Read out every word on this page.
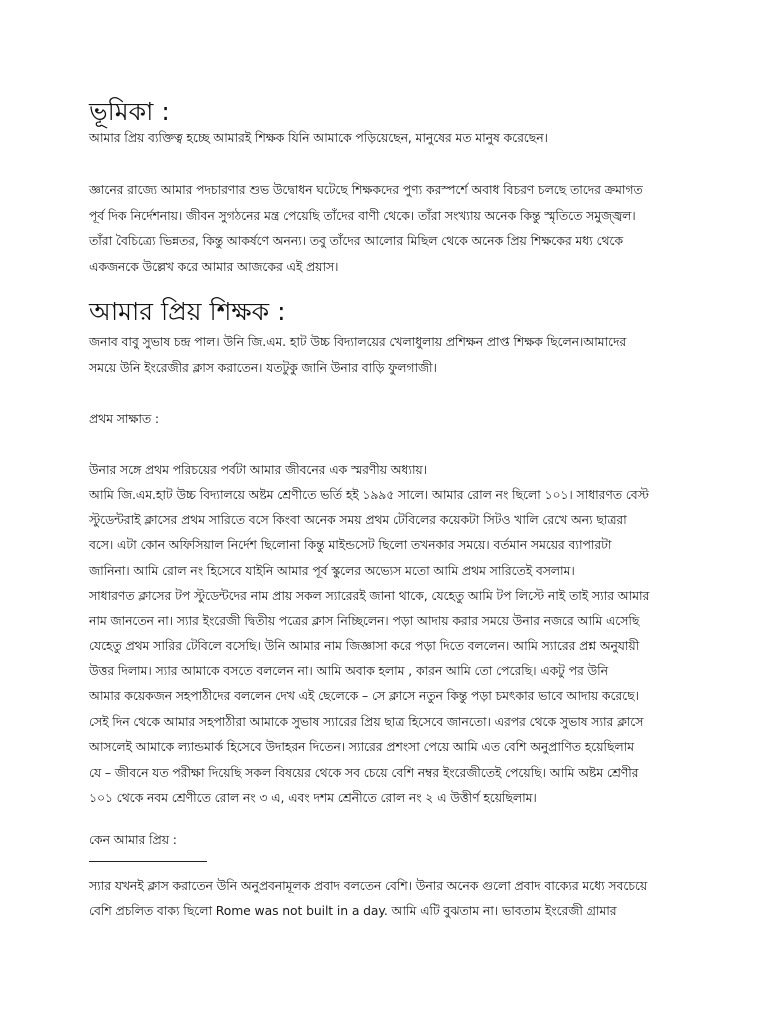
ভূমিকা :
আমার প্রিয় ব্যক্তিত্ব হচ্ছে আমারই শিক্ষক যিনি আমাকে পড়িয়েছেন, মানুষের মত মানুষ করেছেন।
জ্ঞানের রাজ্যে আমার পদচারণার শুভ উদ্বোধন ঘটেছে শিক্ষকদের পুণ্য করস্পর্শে অবাধ বিচরণ চলছে তাদের ক্রমাগত
পূর্ব দিক নির্দেশনায়। জীবন সুগঠনের মন্ত্র পেয়েছি তাঁদের বাণী থেকে। তাঁরা সংখ্যায় অনেক কিন্তু স্মৃতিতে সমুজ্জ্বল।
তাঁরা বৈচিত্র্যে ভিন্নতর, কিন্তু আকর্ষণে অনন্য। তবু তাঁদের আলোর মিছিল থেকে অনেক প্রিয় শিক্ষকের মধ্য থেকে
একজনকে উল্লেখ করে আমার আজকের এই প্রয়াস।
আমার প্রিয় শিক্ষক :
জনাব বাবু সুভাষ চন্দ্র পাল। উনি জি.এম. হাট উচ্চ বিদ্যালয়ের খেলাধুলায় প্রশিক্ষন প্রাপ্ত শিক্ষক ছিলেন।আমাদের
সময়ে উনি ইংরেজীর ক্লাস করাতেন। যতটুকু জানি উনার বাড়ি ফুলগাজী।
প্রথম সাক্ষাত :
উনার সঙ্গে প্রথম পরিচয়ের পর্বটা আমার জীবনের এক স্মরণীয় অধ্যায়।
আমি জি.এম.হাট উচ্চ বিদ্যালয়ে অষ্টম শ্রেণীতে ভর্তি হই ১৯৯৫ সালে। আমার রোল নং ছিলো ১০১। সাধারণত বেস্ট
স্টুডেন্টরাই ক্লাসের প্রথম সারিতে বসে কিংবা অনেক সময় প্রথম টেবিলের কয়েকটা সিটও খালি রেখে অন্য ছাত্ররা
বসে। এটা কোন অফিসিয়াল নির্দেশ ছিলোনা কিন্তু মাইন্ডসেট ছিলো তখনকার সময়ে। বর্তমান সময়ের ব্যাপারটা
জানিনা। আমি রোল নং হিসেবে যাইনি আমার পূর্ব স্কুলের অভ্যেস মতো আমি প্রথম সারিতেই বসলাম।
সাধারণত ক্লাসের টপ স্টুডেন্টদের নাম প্রায় সকল স্যারেরই জানা থাকে, যেহেতু আমি টপ লিস্টে নাই তাই স্যার আমার
নাম জানতেন না। স্যার ইংরেজী দ্বিতীয় পত্রের ক্লাস নিচ্ছিলেন। পড়া আদায় করার সময়ে উনার নজরে আমি এসেছি
যেহেতু প্রথম সারির টেবিলে বসেছি। উনি আমার নাম জিজ্ঞাসা করে পড়া দিতে বললেন। আমি স্যারের প্রশ্ন অনুযায়ী
উত্তর দিলাম। স্যার আমাকে বসতে বললেন না। আমি অবাক হলাম , কারন আমি তো পেরেছি। একটু পর উনি
আমার কয়েকজন সহপাঠীদের বললেন দেখ এই ছেলেকে – সে ক্লাসে নতুন কিন্তু পড়া চমৎকার ভাবে আদায় করেছে।
সেই দিন থেকে আমার সহপাঠীরা আমাকে সুভাষ স্যারের প্রিয় ছাত্র হিসেবে জানতো। এরপর থেকে সুভাষ স্যার ক্লাসে
আসলেই আমাকে ল্যান্ডমার্ক হিসেবে উদাহরন দিতেন। স্যারের প্রশংসা পেয়ে আমি এত বেশি অনুপ্রাণিত হয়েছিলাম
যে – জীবনে যত পরীক্ষা দিয়েছি সকল বিষয়ের থেকে সব চেয়ে বেশি নম্বর ইংরেজীতেই পেয়েছি। আমি অষ্টম শ্রেণীর
১০১ থেকে নবম শ্রেণীতে রোল নং ৩ এ, এবং দশম শ্রেনীতে রোল নং ২ এ উত্তীর্ণ হয়েছিলাম।
কেন আমার প্রিয় :
স্যার যখনই ক্লাস করাতেন উনি অনুপ্রবনামূলক প্রবাদ বলতেন বেশি। উনার অনেক গুলো প্রবাদ বাক্যের মধ্যে সবচেয়ে
বেশি প্রচলিত বাক্য ছিলো Rome was not built in a day. আমি এটি বুঝতাম না। ভাবতাম ইংরেজী গ্রামার
